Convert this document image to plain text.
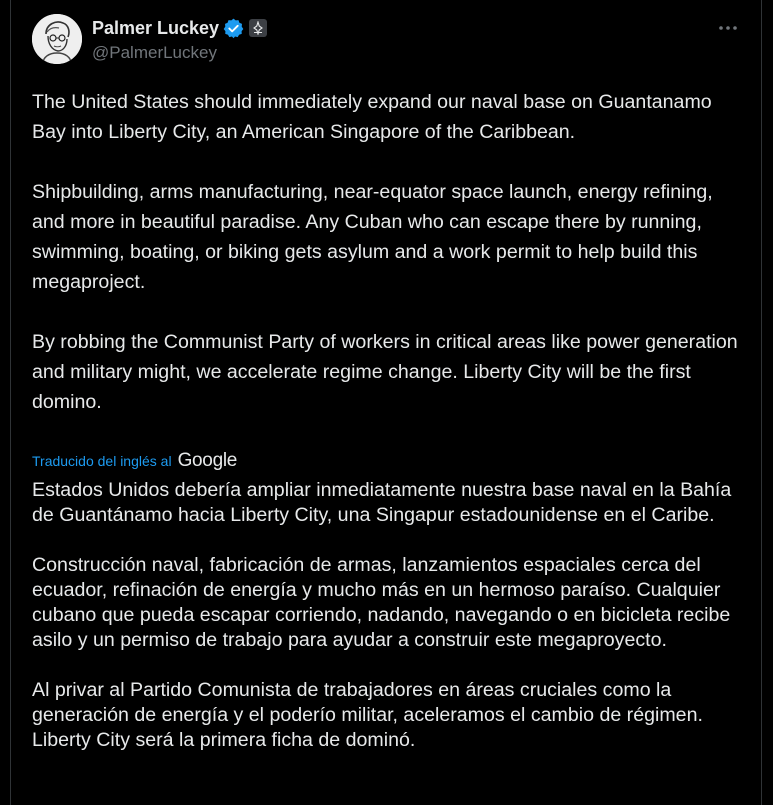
Palmer Luckey
@PalmerLuckey

The United States should immediately expand our naval base on Guantanamo Bay into Liberty City, an American Singapore of the Caribbean.

Shipbuilding, arms manufacturing, near-equator space launch, energy refining, and more in beautiful paradise. Any Cuban who can escape there by running, swimming, boating, or biking gets asylum and a work permit to help build this megaproject.

By robbing the Communist Party of workers in critical areas like power generation and military might, we accelerate regime change. Liberty City will be the first domino.

Traducido del inglés al Google

Estados Unidos debería ampliar inmediatamente nuestra base naval en la Bahía de Guantánamo hacia Liberty City, una Singapur estadounidense en el Caribe.

Construcción naval, fabricación de armas, lanzamientos espaciales cerca del ecuador, refinación de energía y mucho más en un hermoso paraíso. Cualquier cubano que pueda escapar corriendo, nadando, navegando o en bicicleta recibe asilo y un permiso de trabajo para ayudar a construir este megaproyecto.

Al privar al Partido Comunista de trabajadores en áreas cruciales como la generación de energía y el poderío militar, aceleramos el cambio de régimen. Liberty City será la primera ficha de dominó.
